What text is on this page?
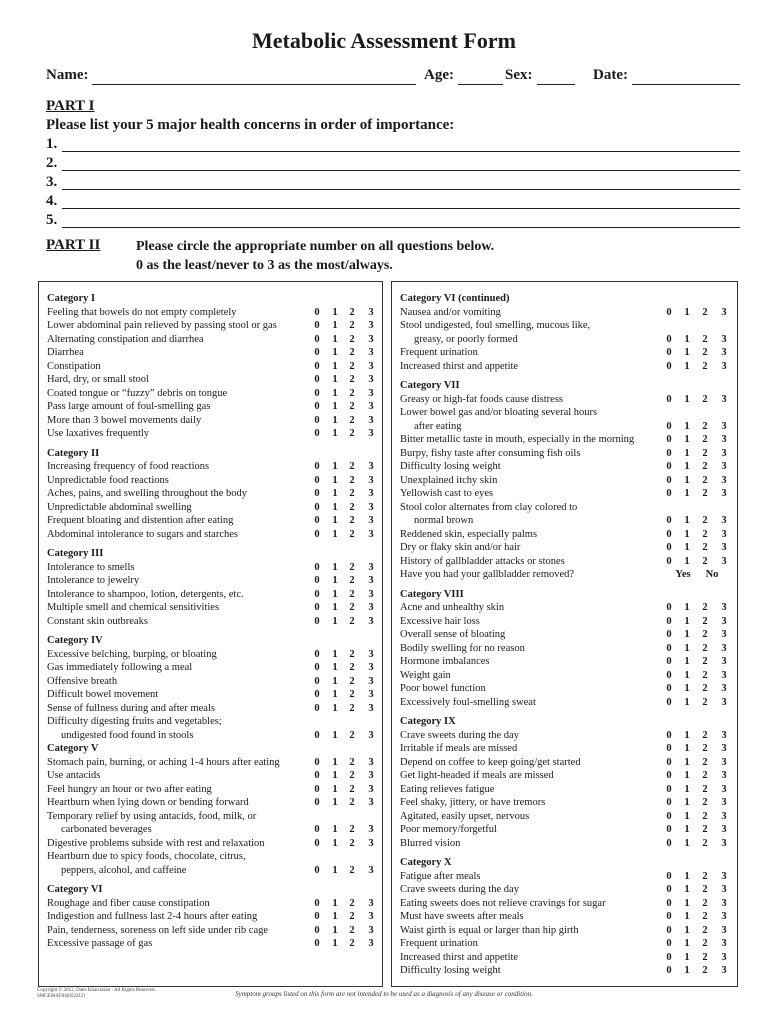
Metabolic Assessment Form
Name:	Age:	Sex:	Date:
PART I
Please list your 5 major health concerns in order of importance:
1.
2.
3.
4.
5.
PART II	Please circle the appropriate number on all questions below.
0 as the least/never to 3 as the most/always.
Category I
Feeling that bowels do not empty completely	0	1	2	3
Lower abdominal pain relieved by passing stool or gas	0	1	2	3
Alternating constipation and diarrhea	0	1	2	3
Diarrhea	0	1	2	3
Constipation	0	1	2	3
Hard, dry, or small stool	0	1	2	3
Coated tongue or “fuzzy” debris on tongue	0	1	2	3
Pass large amount of foul-smelling gas	0	1	2	3
More than 3 bowel movements daily	0	1	2	3
Use laxatives frequently	0	1	2	3
Category II
Increasing frequency of food reactions	0	1	2	3
Unpredictable food reactions	0	1	2	3
Aches, pains, and swelling throughout the body	0	1	2	3
Unpredictable abdominal swelling	0	1	2	3
Frequent bloating and distention after eating	0	1	2	3
Abdominal intolerance to sugars and starches	0	1	2	3
Category III
Intolerance to smells	0	1	2	3
Intolerance to jewelry	0	1	2	3
Intolerance to shampoo, lotion, detergents, etc.	0	1	2	3
Multiple smell and chemical sensitivities	0	1	2	3
Constant skin outbreaks	0	1	2	3
Category IV
Excessive belching, burping, or bloating	0	1	2	3
Gas immediately following a meal	0	1	2	3
Offensive breath	0	1	2	3
Difficult bowel movement	0	1	2	3
Sense of fullness during and after meals	0	1	2	3
Difficulty digesting fruits and vegetables;
undigested food found in stools	0	1	2	3
Category V
Stomach pain, burning, or aching 1-4 hours after eating	0	1	2	3
Use antacids	0	1	2	3
Feel hungry an hour or two after eating	0	1	2	3
Heartburn when lying down or bending forward	0	1	2	3
Temporary relief by using antacids, food, milk, or
carbonated beverages	0	1	2	3
Digestive problems subside with rest and relaxation	0	1	2	3
Heartburn due to spicy foods, chocolate, citrus,
peppers, alcohol, and caffeine	0	1	2	3
Category VI
Roughage and fiber cause constipation	0	1	2	3
Indigestion and fullness last 2-4 hours after eating	0	1	2	3
Pain, tenderness, soreness on left side under rib cage	0	1	2	3
Excessive passage of gas	0	1	2	3
Category VI (continued)
Nausea and/or vomiting	0	1	2	3
Stool undigested, foul smelling, mucous like,
greasy, or poorly formed	0	1	2	3
Frequent urination	0	1	2	3
Increased thirst and appetite	0	1	2	3
Category VII
Greasy or high-fat foods cause distress	0	1	2	3
Lower bowel gas and/or bloating several hours
after eating	0	1	2	3
Bitter metallic taste in mouth, especially in the morning	0	1	2	3
Burpy, fishy taste after consuming fish oils	0	1	2	3
Difficulty losing weight	0	1	2	3
Unexplained itchy skin	0	1	2	3
Yellowish cast to eyes	0	1	2	3
Stool color alternates from clay colored to
normal brown	0	1	2	3
Reddened skin, especially palms	0	1	2	3
Dry or flaky skin and/or hair	0	1	2	3
History of gallbladder attacks or stones	0	1	2	3
Have you had your gallbladder removed?	Yes	No
Category VIII
Acne and unhealthy skin	0	1	2	3
Excessive hair loss	0	1	2	3
Overall sense of bloating	0	1	2	3
Bodily swelling for no reason	0	1	2	3
Hormone imbalances	0	1	2	3
Weight gain	0	1	2	3
Poor bowel function	0	1	2	3
Excessively foul-smelling sweat	0	1	2	3
Category IX
Crave sweets during the day	0	1	2	3
Irritable if meals are missed	0	1	2	3
Depend on coffee to keep going/get started	0	1	2	3
Get light-headed if meals are missed	0	1	2	3
Eating relieves fatigue	0	1	2	3
Feel shaky, jittery, or have tremors	0	1	2	3
Agitated, easily upset, nervous	0	1	2	3
Poor memory/forgetful	0	1	2	3
Blurred vision	0	1	2	3
Category X
Fatigue after meals	0	1	2	3
Crave sweets during the day	0	1	2	3
Eating sweets does not relieve cravings for sugar	0	1	2	3
Must have sweets after meals	0	1	2	3
Waist girth is equal or larger than hip girth	0	1	2	3
Frequent urination	0	1	2	3
Increased thirst and appetite	0	1	2	3
Difficulty losing weight	0	1	2	3
Copyright © 2012, Datis Kharrazian · All Rights Reserved.
SMGEMAF04(052212)	Symptom groups listed on this form are not intended to be used as a diagnosis of any disease or condition.
